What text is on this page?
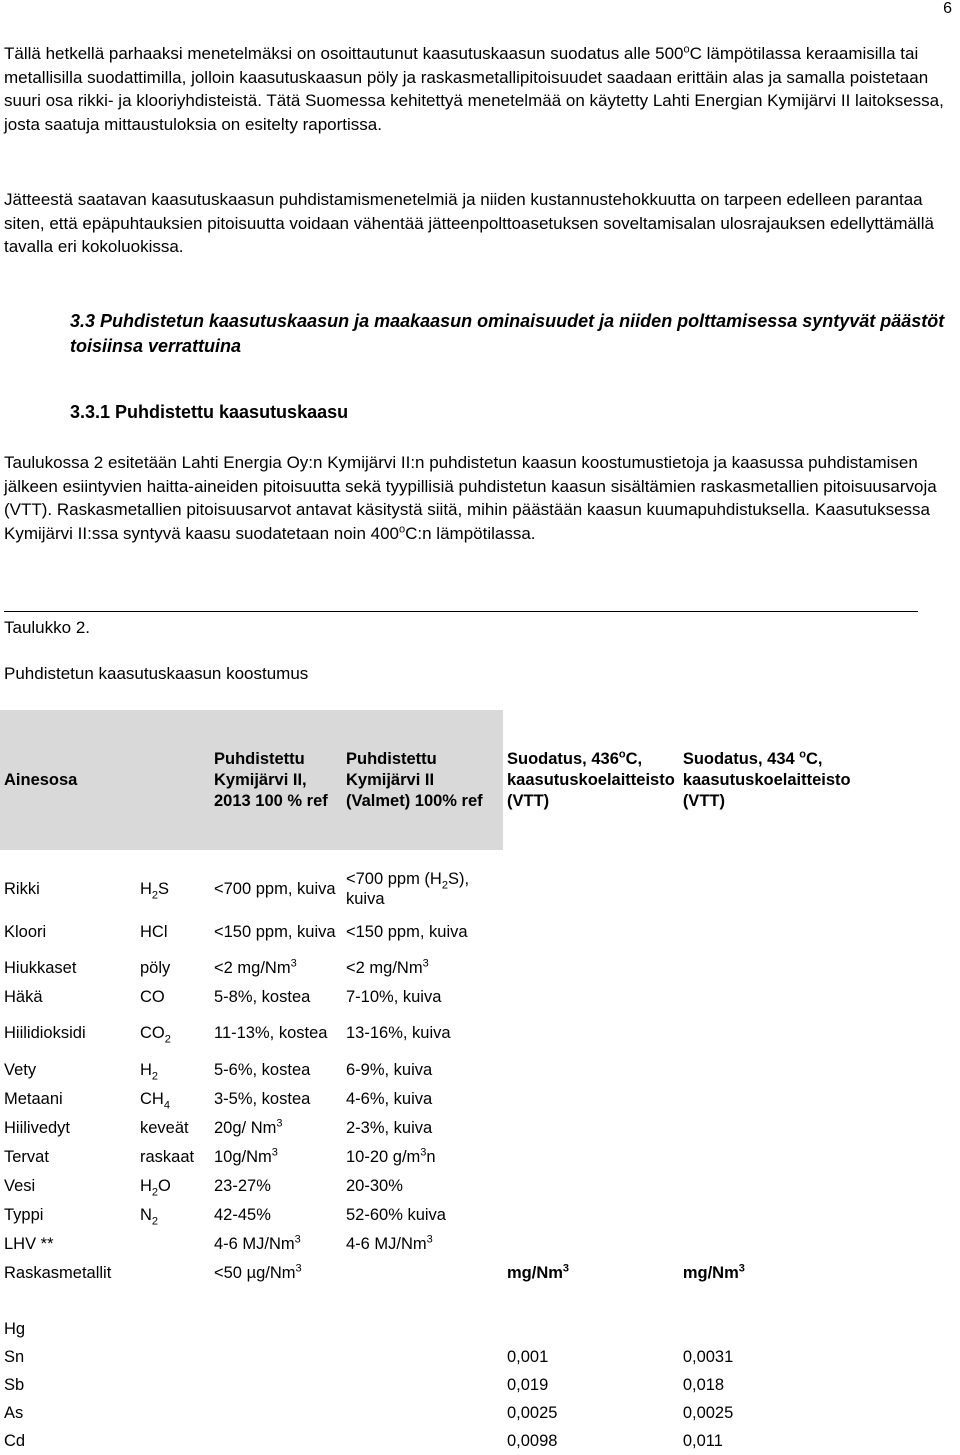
6

Tällä hetkellä parhaaksi menetelmäksi on osoittautunut kaasutuskaasun suodatus alle 500$^o$C lämpötilassa keraamisilla tai metallisilla suodattimilla, jolloin kaasutuskaasun pöly ja raskasmetallipitoisuudet saadaan erittäin alas ja samalla poistetaan suuri osa rikki- ja klooriyhdisteistä. Tätä Suomessa kehitettyä menetelmää on käytetty Lahti Energian Kymijärvi II laitoksessa, josta saatuja mittaustuloksia on esitelty raportissa.

Jätteestä saatavan kaasutuskaasun puhdistamismenetelmiä ja niiden kustannustehokkuutta on tarpeen edelleen parantaa siten, että epäpuhtauksien pitoisuutta voidaan vähentää jätteenpolttoasetuksen soveltamisalan ulosrajauksen edellyttämällä tavalla eri kokoluokissa.

3.3 Puhdistetun kaasutuskaasun ja maakaasun ominaisuudet ja niiden polttamisessa syntyvät päästöt toisiinsa verrattuina
3.3.1 Puhdistettu kaasutuskaasu

Taulukossa 2 esitetään Lahti Energia Oy:n Kymijärvi II:n puhdistetun kaasun koostumustietoja ja kaasussa puhdistamisen jälkeen esiintyvien haitta-aineiden pitoisuutta sekä tyypillisiä puhdistetun kaasun sisältämien raskasmetallien pitoisuusarvoja (VTT). Raskasmetallien pitoisuusarvot antavat käsitystä siitä, mihin päästään kaasun kuumapuhdistuksella. Kaasutuksessa Kymijärvi II:ssa syntyvä kaasu suodatetaan noin 400$^o$C:n lämpötilassa.

Taulukko 2.

Puhdistetun kaasutuskaasun koostumus

Ainesosa		Puhdistettu Kymijärvi II, 2013 100 % ref	Puhdistettu Kymijärvi II (Valmet) 100% ref	Suodatus, 436$^o$C, kaasutuskoelaitteisto (VTT)	Suodatus, 434 $^o$C, kaasutuskoelaitteisto (VTT)

Rikki	$H_2S$	<700 ppm, kuiva	<700 ppm $(H_2S)$, kuiva		
Kloori	HCl	<150 ppm, kuiva	<150 ppm, kuiva		
Hiukkaset	pöly	<2 $mg/Nm^3$	<2 mg/Nm$^3$		
Häkä	CO	5-8%, kostea	7-10%, kuiva		
Hiilidioksidi	$CO_2$	11-13%, kostea	13-16%, kuiva		
Vety	$H_2$	5-6%, kostea	6-9%, kuiva		
Metaani	$CH_4$	3-5%, kostea	4-6%, kuiva		
Hiilivedyt	keveät	20g/ Nm$^3$	2-3%, kuiva		
Tervat	raskaat	10g/Nm$^3$	10-20 $g/m^3n$		
Vesi	$H_2O$	23-27%	20-30%		
Typpi	$N_2$	42-45%	52-60% kuiva		
LHV **		4-6 MJ/Nm$^3$	4-6 MJ/Nm$^3$		
Raskasmetallit		<50 µg/Nm$^3$		mg/Nm$^3$	mg/Nm$^3$

Hg					
Sn				0,001	0,0031
Sb				0,019	0,018
As				0,0025	0,0025
Cd				0,0098	0,011
